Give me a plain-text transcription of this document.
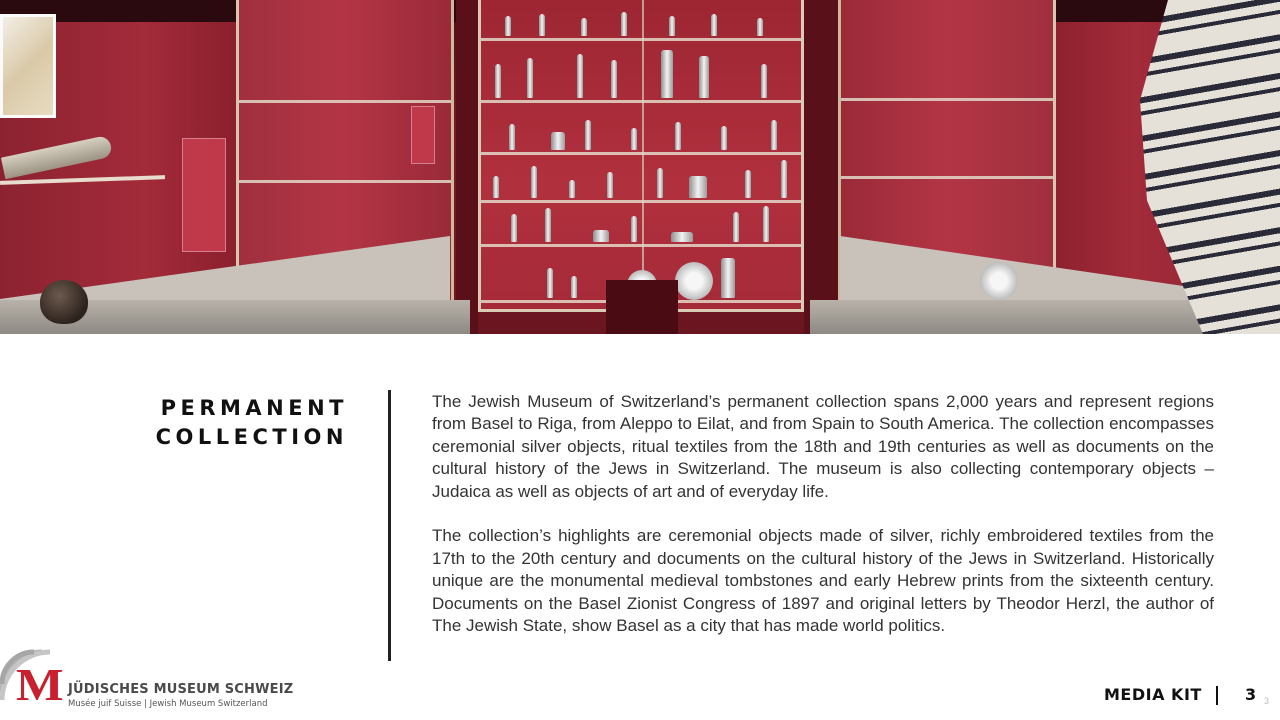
PERMANENT
COLLECTION

The Jewish Museum of Switzerland’s permanent collection spans 2,000 years and represent regions from Basel to Riga, from Aleppo to Eilat, and from Spain to South America. The collection encompasses ceremonial silver objects, ritual textiles from the 18th and 19th centuries as well as documents on the cultural history of the Jews in Switzerland. The museum is also collecting contemporary objects – Judaica as well as objects of art and of everyday life.

The collection’s highlights are ceremonial objects made of silver, richly embroidered textiles from the 17th to the 20th century and documents on the cultural history of the Jews in Switzerland. Historically unique are the monumental medieval tombstones and early Hebrew prints from the sixteenth century. Documents on the Basel Zionist Congress of 1897 and original letters by Theodor Herzl, the author of The Jewish State, show Basel as a city that has made world politics.

M JÜDISCHES MUSEUM SCHWEIZ
Musée juif Suisse | Jewish Museum Switzerland	MEDIA KIT	3 3
